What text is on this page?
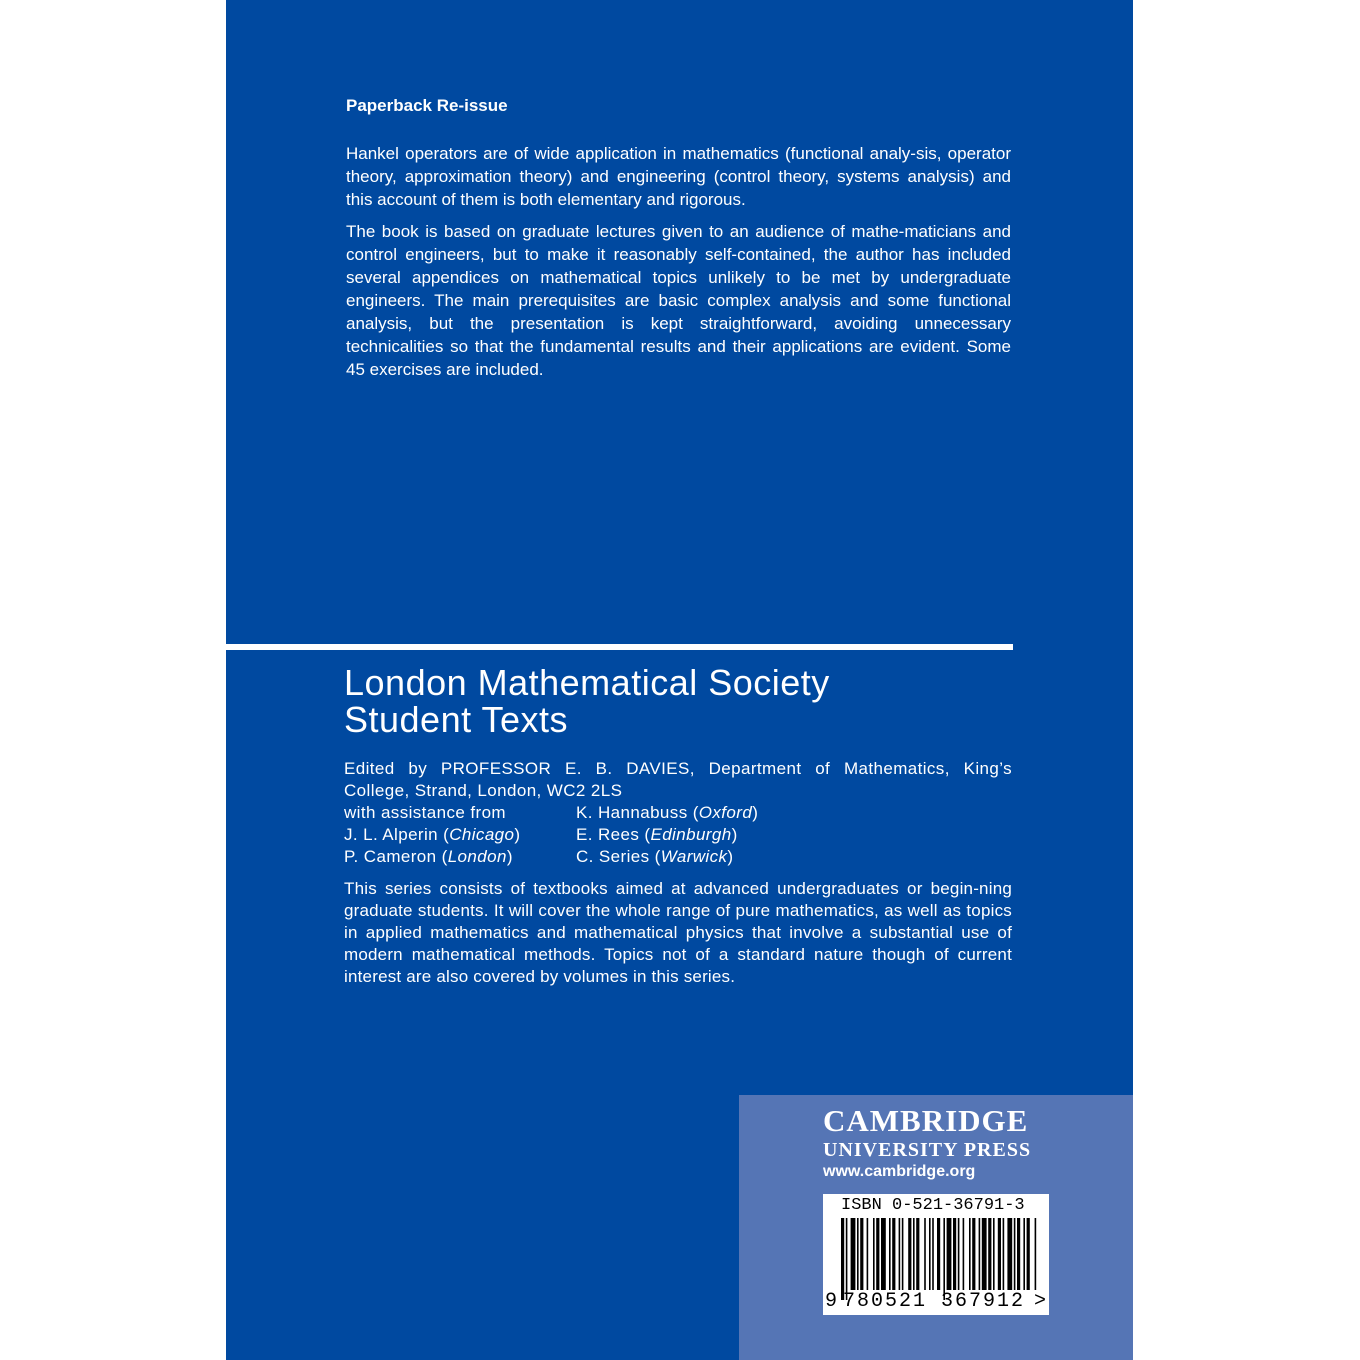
Paperback Re-issue

Hankel operators are of wide application in mathematics (functional analy-sis, operator theory, approximation theory) and engineering (control theory, systems analysis) and this account of them is both elementary and rigorous.

The book is based on graduate lectures given to an audience of mathe-maticians and control engineers, but to make it reasonably self-contained, the author has included several appendices on mathematical topics unlikely to be met by undergraduate engineers. The main prerequisites are basic complex analysis and some functional analysis, but the presentation is kept straightforward, avoiding unnecessary technicalities so that the fundamental results and their applications are evident. Some 45 exercises are included.

London Mathematical Society
Student Texts
Edited by PROFESSOR E. B. DAVIES, Department of Mathematics, King’s
College, Strand, London, WC2 2LS
with assistance from	K. Hannabuss (Oxford)
J. L. Alperin (Chicago)	E. Rees (Edinburgh)
P. Cameron (London)	C. Series (Warwick)

This series consists of textbooks aimed at advanced undergraduates or begin-ning graduate students. It will cover the whole range of pure mathematics, as well as topics in applied mathematics and mathematical physics that involve a substantial use of modern mathematical methods. Topics not of a standard nature though of current interest are also covered by volumes in this series.

CAMBRIDGE
UNIVERSITY PRESS
www.cambridge.org
ISBN 0-521-36791-3
9 780521 367912 >
